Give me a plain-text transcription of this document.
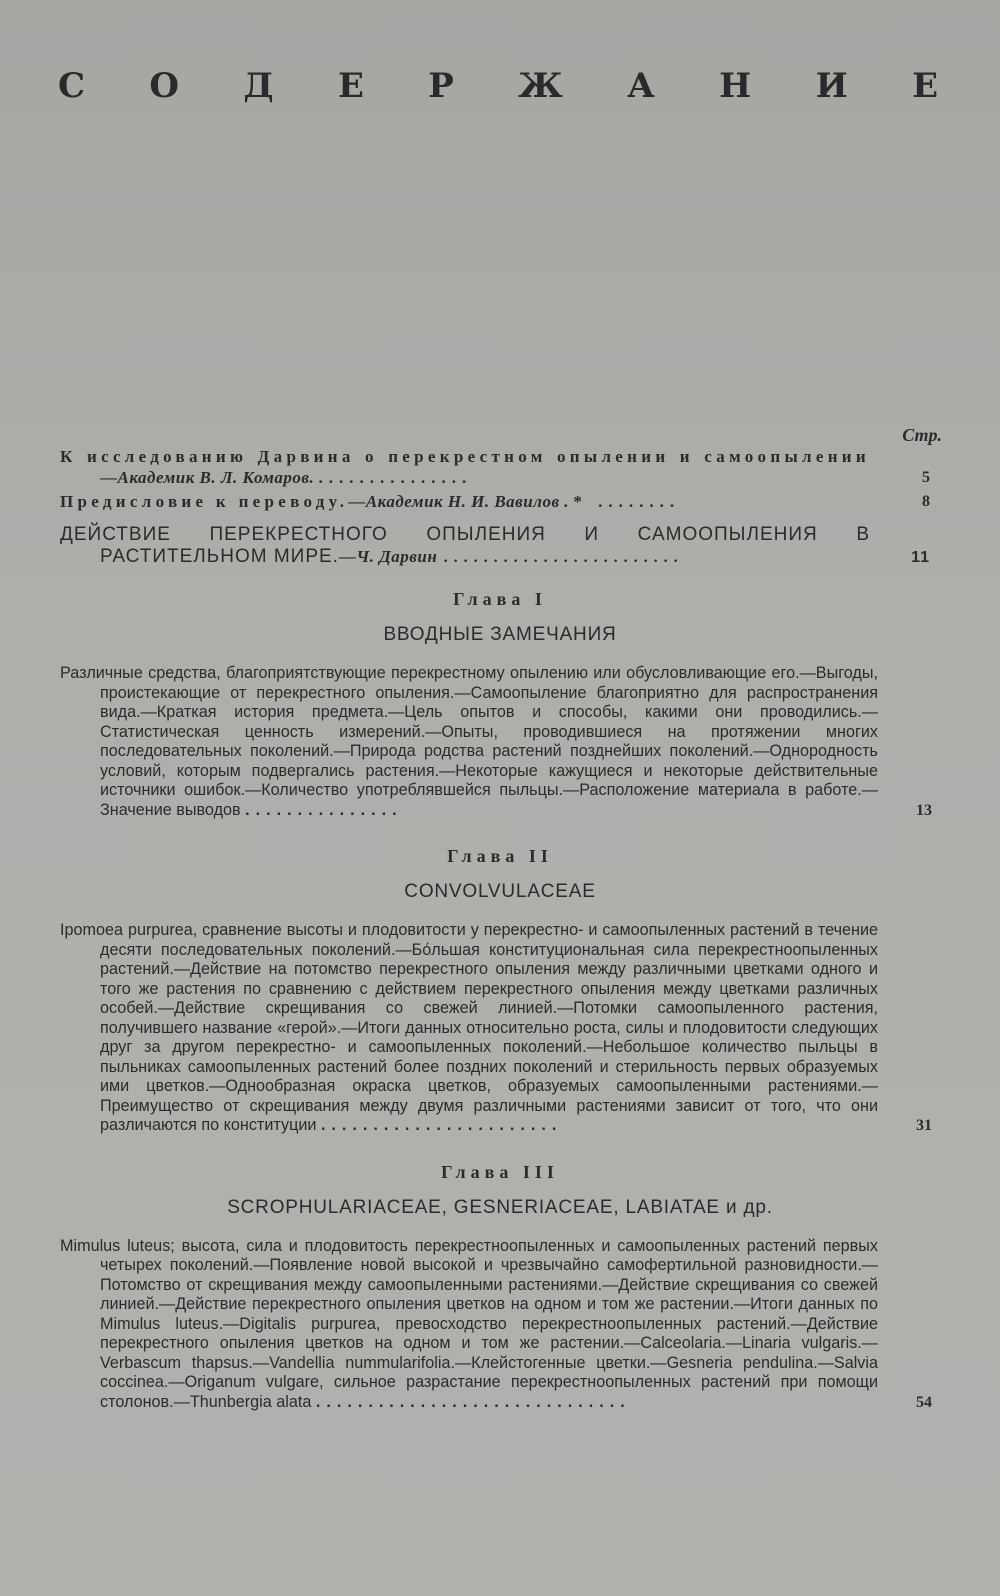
С О Д Е Р Ж А Н И Е
Стр.
К исследованию Дарвина о перекрестном опылении и самоопылении—Академик В. Л. Комаров. ...............	5
Предисловие к переводу.—Академик Н. И. Вавилов . * ........	8
ДЕЙСТВИЕ ПЕРЕКРЕСТНОГО ОПЫЛЕНИЯ И САМООПЫЛЕНИЯ В РАСТИТЕЛЬНОМ МИРЕ.—Ч. Дарвин ........................	11
Глава I
ВВОДНЫЕ ЗАМЕЧАНИЯ
Различные средства, благоприятствующие перекрестному опылению или обусловливающие его.—Выгоды, проистекающие от перекрестного опыления.—Самоопыление благоприятно для распространения вида.—Краткая история предмета.—Цель опытов и способы, какими они проводились.—Статистическая ценность измерений.—Опыты, проводившиеся на протяжении многих последовательных поколений.—Природа родства растений позднейших поколений.—Однородность условий, которым подвергались растения.—Некоторые кажущиеся и некоторые действительные источники ошибок.—Количество употреблявшейся пыльцы.—Расположение материала в работе.—Значение выводов ...............	13
Глава II
CONVOLVULACEAE
Ipomoea purpurea, сравнение высоты и плодовитости у перекрестно- и самоопыленных растений в течение десяти последовательных поколений.—Бо́льшая конституциональная сила перекрестноопыленных растений.—Действие на потомство перекрестного опыления между различными цветками одного и того же растения по сравнению с действием перекрестного опыления между цветками различных особей.—Действие скрещивания со свежей линией.—Потомки самоопыленного растения, получившего название «герой».—Итоги данных относительно роста, силы и плодовитости следующих друг за другом перекрестно- и самоопыленных поколений.—Небольшое количество пыльцы в пыльниках самоопыленных растений более поздних поколений и стерильность первых образуемых ими цветков.—Однообразная окраска цветков, образуемых самоопыленными растениями.—Преимущество от скрещивания между двумя различными растениями зависит от того, что они различаются по конституции .......................	31
Глава III
SCROPHULARIACEAE, GESNERIACEAE, LABIATAE и др.
Mimulus luteus; высота, сила и плодовитость перекрестноопыленных и самоопыленных растений первых четырех поколений.—Появление новой высокой и чрезвычайно самофертильной разновидности.—Потомство от скрещивания между самоопыленными растениями.—Действие скрещивания со свежей линией.—Действие перекрестного опыления цветков на одном и том же растении.—Итоги данных по Mimulus luteus.—Digitalis purpurea, превосходство перекрестноопыленных растений.—Действие перекрестного опыления цветков на одном и том же растении.—Calceolaria.—Linaria vulgaris.—Verbascum thapsus.—Vandellia nummularifolia.—Клейстогенные цветки.—Gesneria pendulina.—Salvia coccinea.—Origanum vulgare, сильное разрастание перекрестноопыленных растений при помощи столонов.—Thunbergia alata ..............................	54
